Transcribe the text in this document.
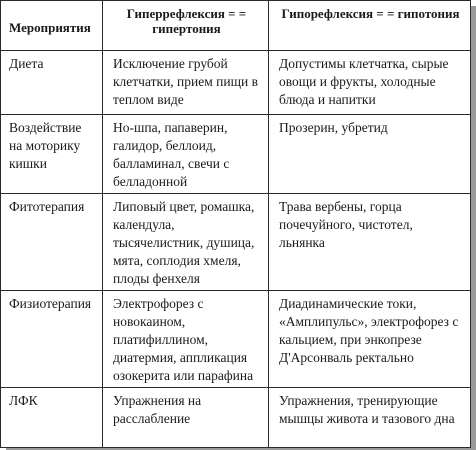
Мероприятия	Гиперрефлексия = = гипертония	Гипорефлексия = = гипотония
Диета	Исключение грубой клетчатки, прием пищи в теплом виде	Допустимы клетчатка, сырые овощи и фрукты, холодные блюда и напитки
Воздействие на моторику кишки	Но-шпа, папаверин, галидор, беллоид, балламинал, свечи с белладонной	Прозерин, убретид
Фитотерапия	Липовый цвет, ромашка, календула, тысячелистник, душица, мята, соплодия хмеля, плоды фенхеля	Трава вербены, горца почечуйного, чистотел, льнянка
Физиотерапия	Электрофорез с новокаином, платифиллином, диатермия, аппликация озокерита или парафина	Диадинамические токи, «Амплипульс», электрофорез с кальцием, при энкопрезе Д'Арсонваль ректально
ЛФК	Упражнения на расслабление	Упражнения, тренирующие мышцы живота и тазового дна
